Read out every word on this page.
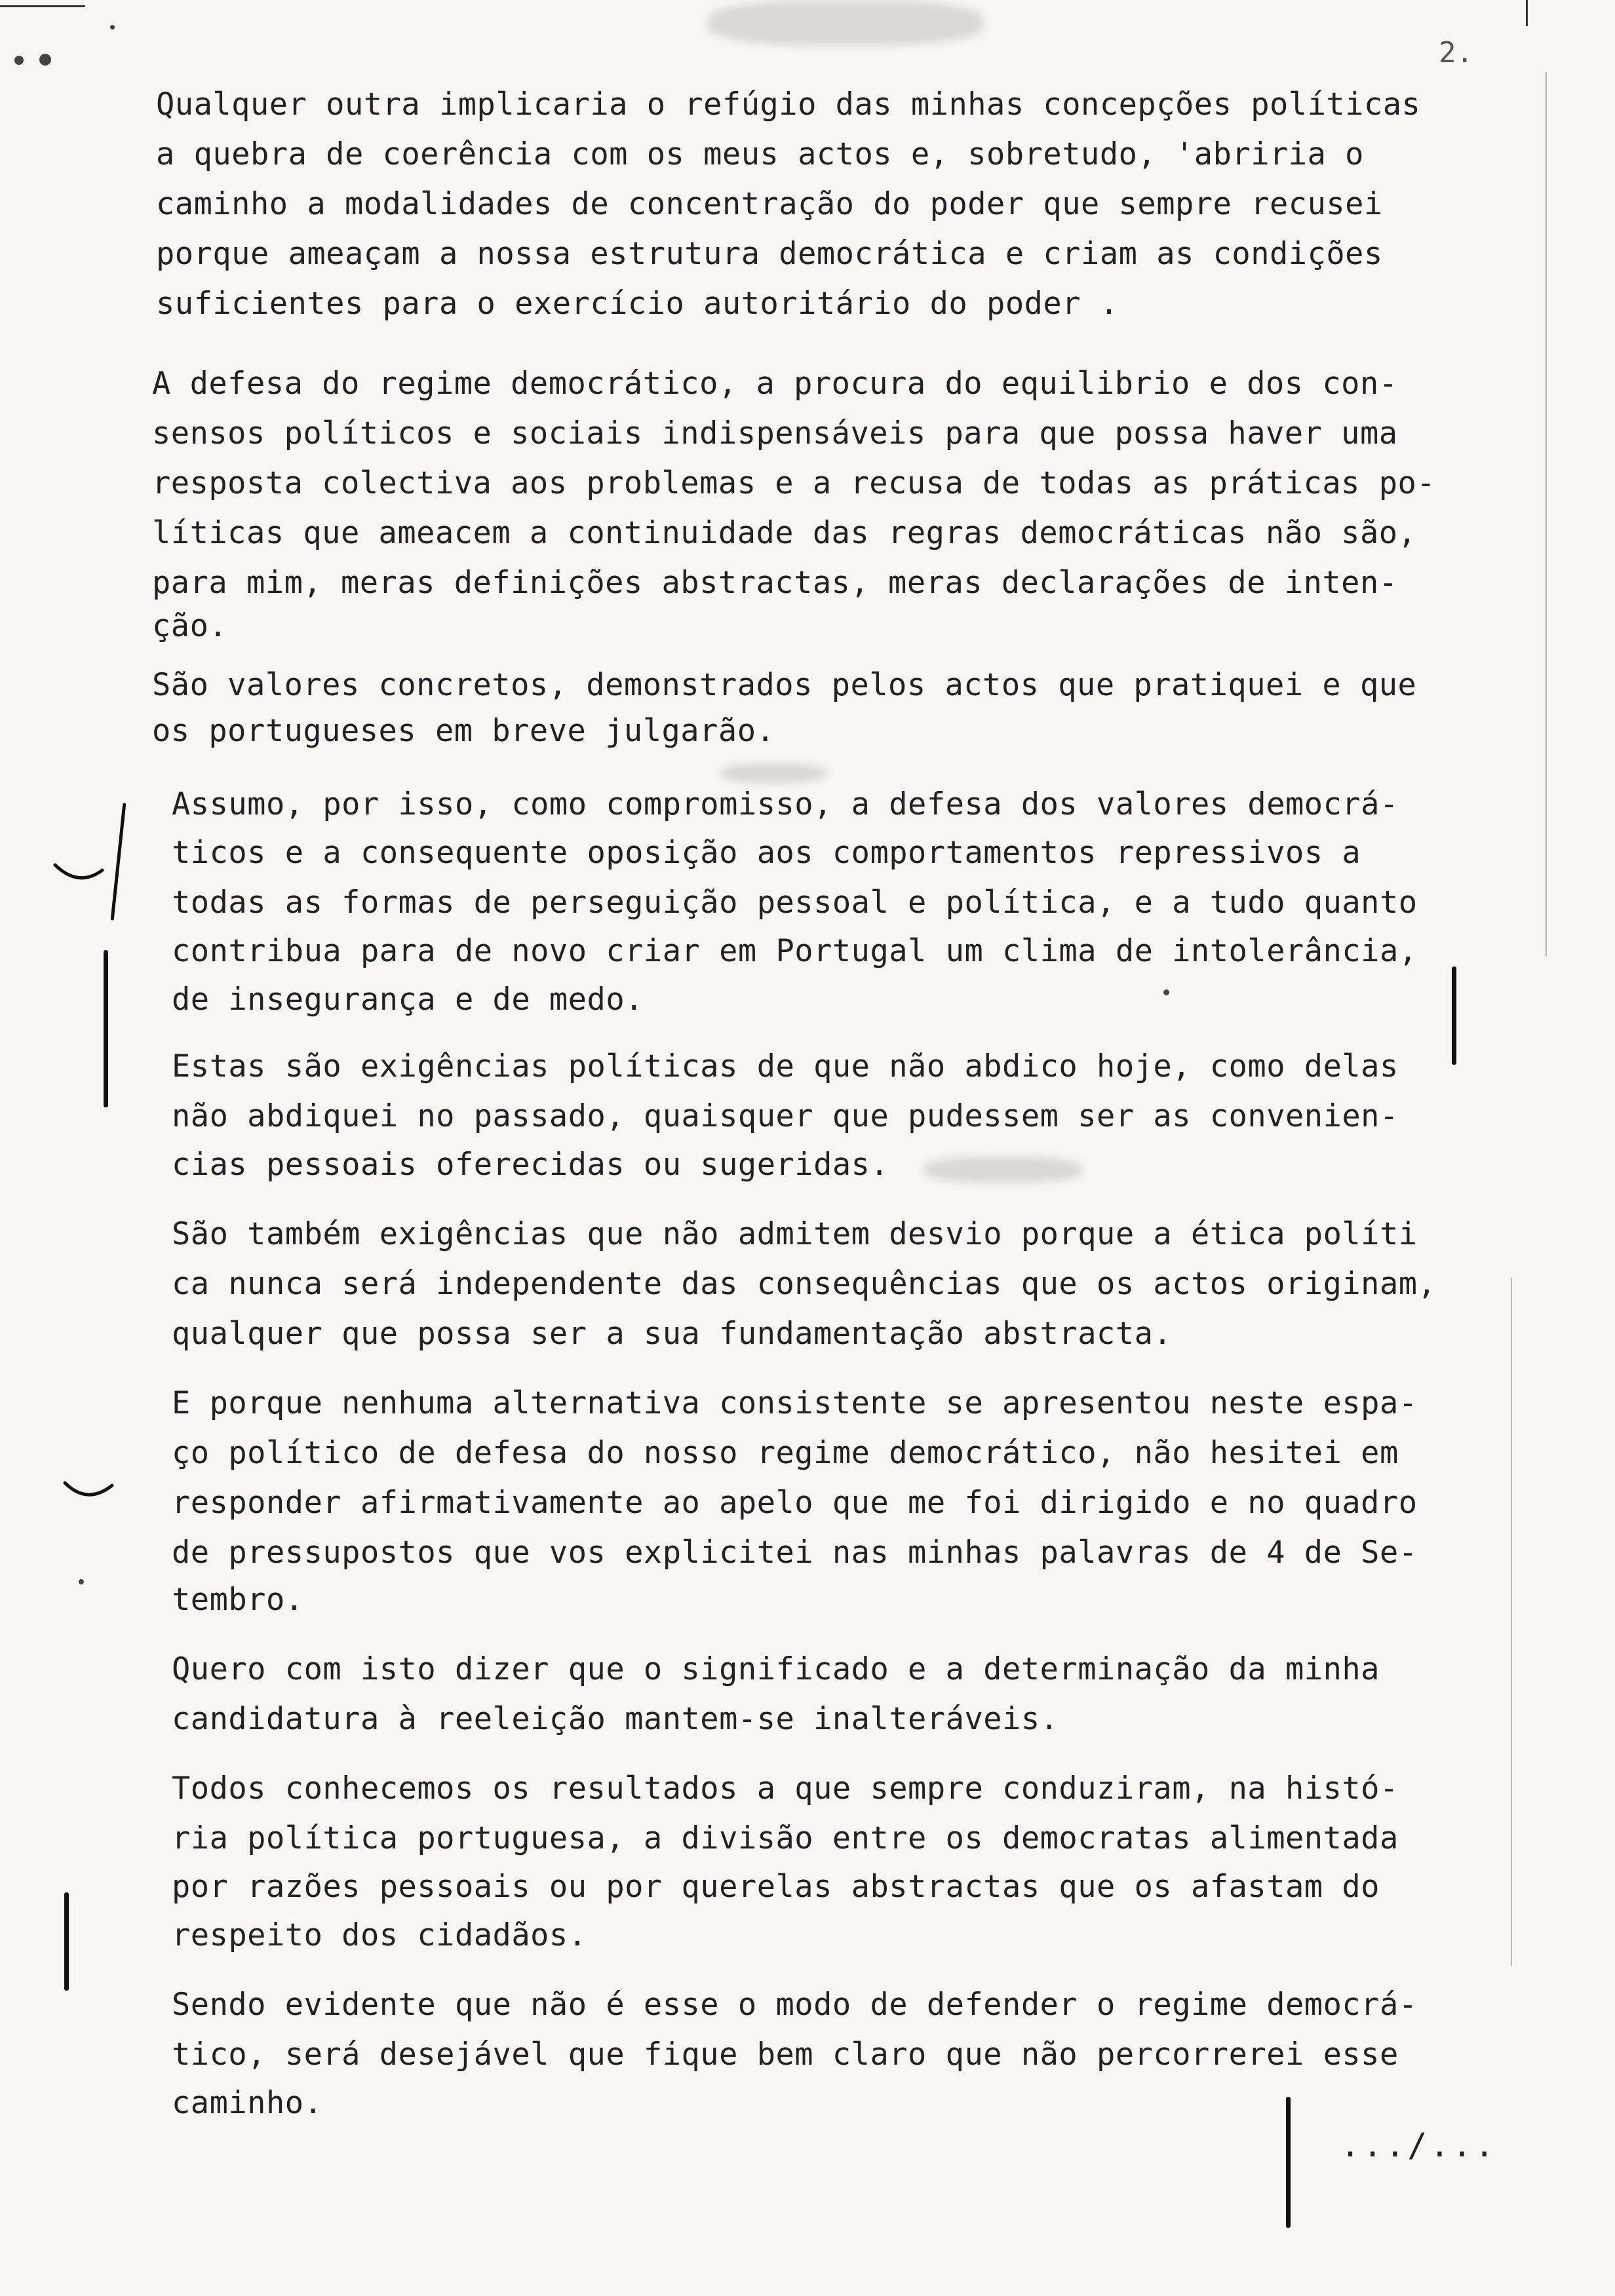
2.
Qualquer outra implicaria o refúgio das minhas concepções políticas
a quebra de coerência com os meus actos e, sobretudo, 'abriria o
caminho a modalidades de concentração do poder que sempre recusei
porque ameaçam a nossa estrutura democrática e criam as condições
suficientes para o exercício autoritário do poder .
A defesa do regime democrático, a procura do equilibrio e dos con-
sensos políticos e sociais indispensáveis para que possa haver uma
resposta colectiva aos problemas e a recusa de todas as práticas po-
líticas que ameacem a continuidade das regras democráticas não são,
para mim, meras definições abstractas, meras declarações de inten-
ção.
São valores concretos, demonstrados pelos actos que pratiquei e que
os portugueses em breve julgarão.
Assumo, por isso, como compromisso, a defesa dos valores democrá-
ticos e a consequente oposição aos comportamentos repressivos a
todas as formas de perseguição pessoal e política, e a tudo quanto
contribua para de novo criar em Portugal um clima de intolerância,
de insegurança e de medo.
Estas são exigências políticas de que não abdico hoje, como delas
não abdiquei no passado, quaisquer que pudessem ser as convenien-
cias pessoais oferecidas ou sugeridas.
São também exigências que não admitem desvio porque a ética políti
ca nunca será independente das consequências que os actos originam,
qualquer que possa ser a sua fundamentação abstracta.
E porque nenhuma alternativa consistente se apresentou neste espa-
ço político de defesa do nosso regime democrático, não hesitei em
responder afirmativamente ao apelo que me foi dirigido e no quadro
de pressupostos que vos explicitei nas minhas palavras de 4 de Se-
tembro.
Quero com isto dizer que o significado e a determinação da minha
candidatura à reeleição mantem-se inalteráveis.
Todos conhecemos os resultados a que sempre conduziram, na histó-
ria política portuguesa, a divisão entre os democratas alimentada
por razões pessoais ou por querelas abstractas que os afastam do
respeito dos cidadãos.
Sendo evidente que não é esse o modo de defender o regime democrá-
tico, será desejável que fique bem claro que não percorrerei esse
caminho.
.../...
